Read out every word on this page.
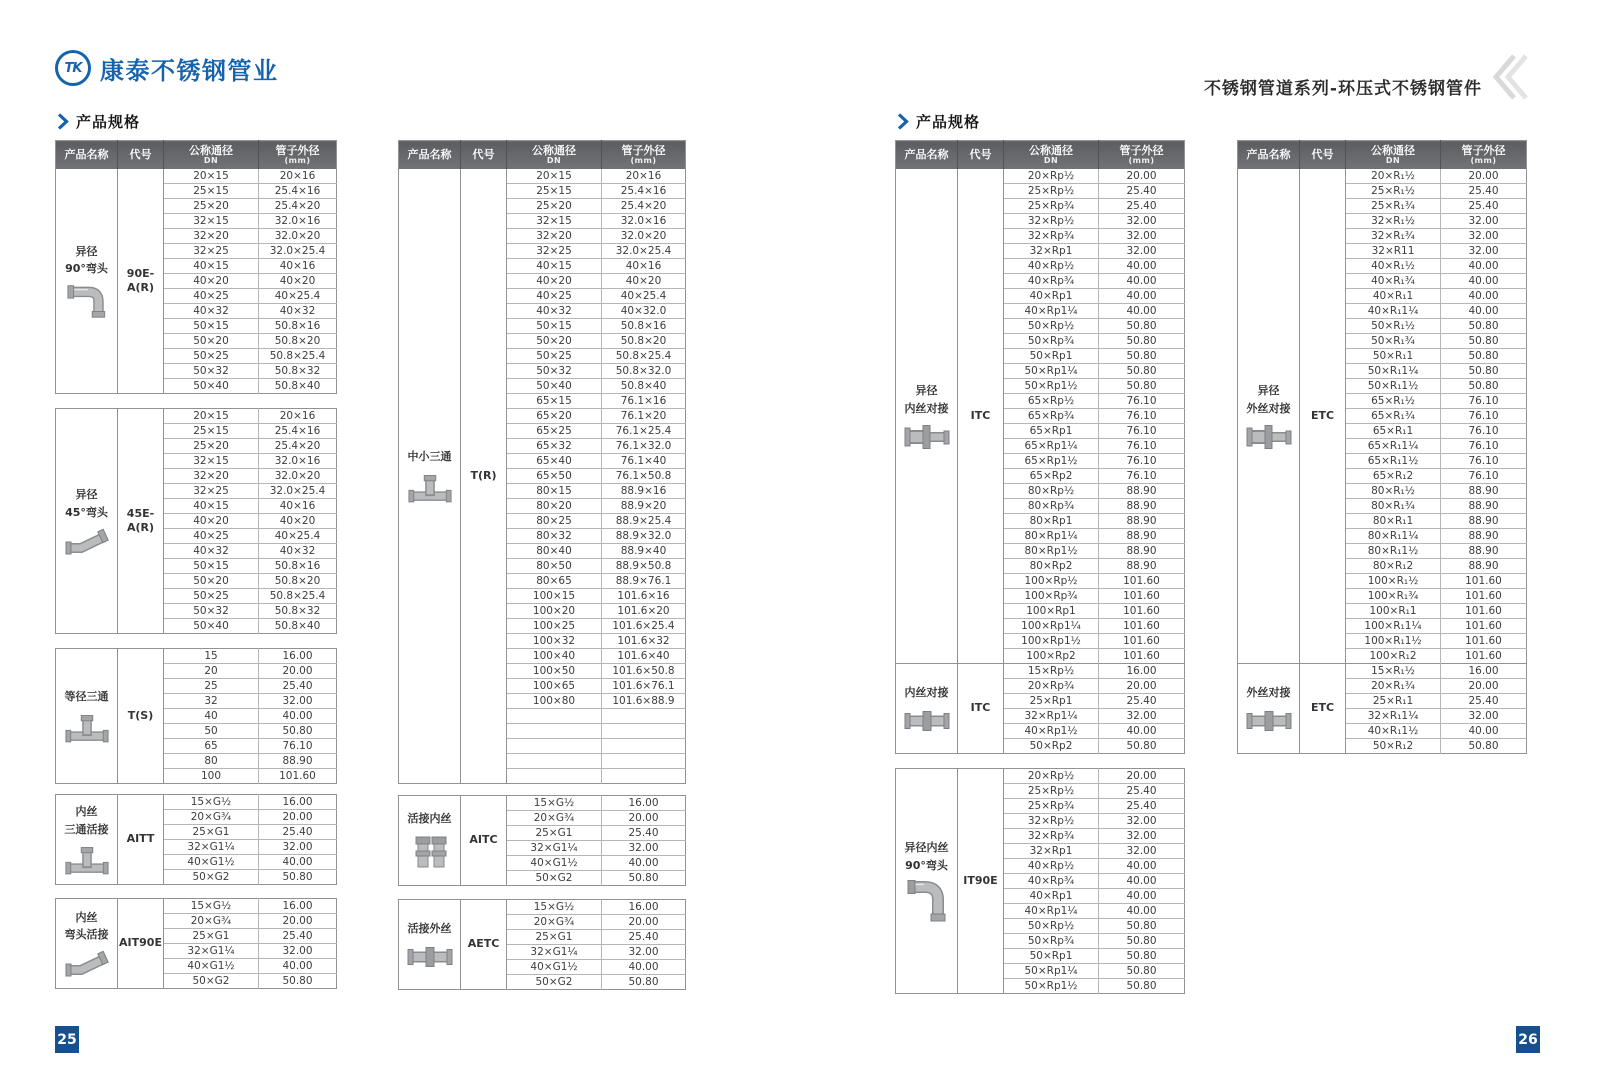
TK 康泰不锈钢管业
不锈钢管道系列-环压式不锈钢管件
产品规格	产品规格
产品名称	代号	公称通径
DN	管子外径
(mm)

异径
90°弯头	90E-
A(R)
	20×15	20×16
		25×15	25.4×16
		25×20	25.4×20
		32×15	32.0×16
		32×20	32.0×20
		32×25	32.0×25.4
		40×15	40×16
		40×20	40×20
		40×25	40×25.4
		40×32	40×32
		50×15	50.8×16
		50×20	50.8×20
		50×25	50.8×25.4
		50×32	50.8×32
		50×40	50.8×40
异径
45°弯头	45E-
A(R)
	20×15	20×16
		25×15	25.4×16
		25×20	25.4×20
		32×15	32.0×16
		32×20	32.0×20
		32×25	32.0×25.4
		40×15	40×16
		40×20	40×20
		40×25	40×25.4
		40×32	40×32
		50×15	50.8×16
		50×20	50.8×20
		50×25	50.8×25.4
		50×32	50.8×32
		50×40	50.8×40
等径三通	T(S)	15	16.00
		20	20.00
		25	25.40
		32	32.00
		40	40.00
		50	50.80
		65	76.10
		80	88.90
		100	101.60
内丝
三通活接	AITT	15×G½	16.00
		20×G¾	20.00
		25×G1	25.40
		32×G1¼	32.00
		40×G1½	40.00
		50×G2	50.80
内丝
弯头活接	AIT90E	15×G½	16.00
		20×G¾	20.00
		25×G1	25.40
		32×G1¼	32.00
		40×G1½	40.00
		50×G2	50.80
产品名称	代号	公称通径
DN	管子外径
(mm)

中小三通	T(R)	20×15	20×16
		25×15	25.4×16
		25×20	25.4×20
		32×15	32.0×16
		32×20	32.0×20
		32×25	32.0×25.4
		40×15	40×16
		40×20	40×20
		40×25	40×25.4
		40×32	40×32.0
		50×15	50.8×16
		50×20	50.8×20
		50×25	50.8×25.4
		50×32	50.8×32.0
		50×40	50.8×40
		65×15	76.1×16
		65×20	76.1×20
		65×25	76.1×25.4
		65×32	76.1×32.0
		65×40	76.1×40
		65×50	76.1×50.8
		80×15	88.9×16
		80×20	88.9×20
		80×25	88.9×25.4
		80×32	88.9×32.0
		80×40	88.9×40
		80×50	88.9×50.8
		80×65	88.9×76.1
		100×15	101.6×16
		100×20	101.6×20
		100×25	101.6×25.4
		100×32	101.6×32
		100×40	101.6×40
		100×50	101.6×50.8
		100×65	101.6×76.1
		100×80	101.6×88.9

活接内丝	AITC	15×G½	16.00
		20×G¾	20.00
		25×G1	25.40
		32×G1¼	32.00
		40×G1½	40.00
		50×G2	50.80
活接外丝	AETC	15×G½	16.00
		20×G¾	20.00
		25×G1	25.40
		32×G1¼	32.00
		40×G1½	40.00
		50×G2	50.80
产品名称	代号	公称通径
DN	管子外径
(mm)

异径
内丝对接	ITC	20×Rp½	20.00
		25×Rp½	25.40
		25×Rp¾	25.40
		32×Rp½	32.00
		32×Rp¾	32.00
		32×Rp1	32.00
		40×Rp½	40.00
		40×Rp¾	40.00
		40×Rp1	40.00
		40×Rp1¼	40.00
		50×Rp½	50.80
		50×Rp¾	50.80
		50×Rp1	50.80
		50×Rp1¼	50.80
		50×Rp1½	50.80
		65×Rp½	76.10
		65×Rp¾	76.10
		65×Rp1	76.10
		65×Rp1¼	76.10
		65×Rp1½	76.10
		65×Rp2	76.10
		80×Rp½	88.90
		80×Rp¾	88.90
		80×Rp1	88.90
		80×Rp1¼	88.90
		80×Rp1½	88.90
		80×Rp2	88.90
		100×Rp½	101.60
		100×Rp¾	101.60
		100×Rp1	101.60
		100×Rp1¼	101.60
		100×Rp1½	101.60
		100×Rp2	101.60

内丝对接	ITC	15×Rp½	16.00
		20×Rp¾	20.00
		25×Rp1	25.40
		32×Rp1¼	32.00
		40×Rp1½	40.00
		50×Rp2	50.80
异径内丝
90°弯头	IT90E	20×Rp½	20.00
		25×Rp½	25.40
		25×Rp¾	25.40
		32×Rp½	32.00
		32×Rp¾	32.00
		32×Rp1	32.00
		40×Rp½	40.00
		40×Rp¾	40.00
		40×Rp1	40.00
		40×Rp1¼	40.00
		50×Rp½	50.80
		50×Rp¾	50.80
		50×Rp1	50.80
		50×Rp1¼	50.80
		50×Rp1½	50.80
产品名称	代号	公称通径
DN	管子外径
(mm)

异径
外丝对接	ETC	20×R₁½	20.00
		25×R₁½	25.40
		25×R₁¾	25.40
		32×R₁½	32.00
		32×R₁¾	32.00
		32×R11	32.00
		40×R₁½	40.00
		40×R₁¾	40.00
		40×R₁1	40.00
		40×R₁1¼	40.00
		50×R₁½	50.80
		50×R₁¾	50.80
		50×R₁1	50.80
		50×R₁1¼	50.80
		50×R₁1½	50.80
		65×R₁½	76.10
		65×R₁¾	76.10
		65×R₁1	76.10
		65×R₁1¼	76.10
		65×R₁1½	76.10
		65×R₁2	76.10
		80×R₁½	88.90
		80×R₁¾	88.90
		80×R₁1	88.90
		80×R₁1¼	88.90
		80×R₁1½	88.90
		80×R₁2	88.90
		100×R₁½	101.60
		100×R₁¾	101.60
		100×R₁1	101.60
		100×R₁1¼	101.60
		100×R₁1½	101.60
		100×R₁2	101.60

外丝对接	ETC	15×R₁½	16.00
		20×R₁¾	20.00
		25×R₁1	25.40
		32×R₁1¼	32.00
		40×R₁1½	40.00
		50×R₁2	50.80
25	26
